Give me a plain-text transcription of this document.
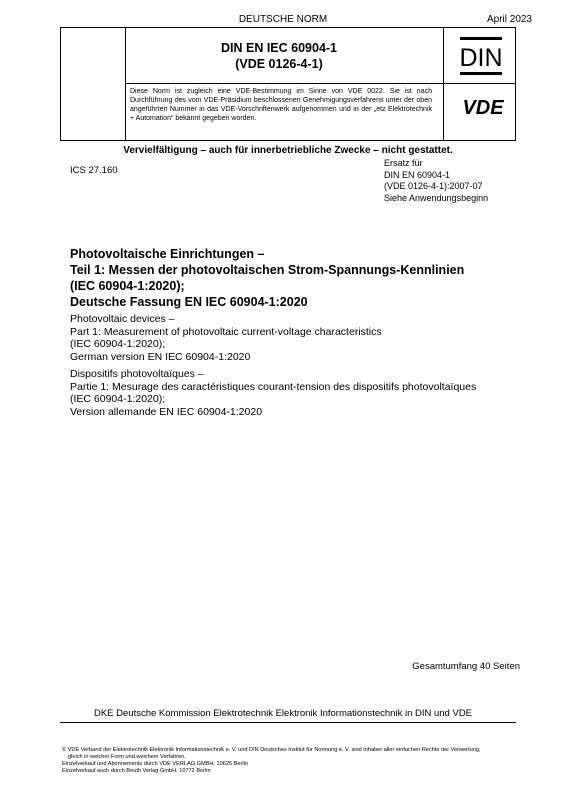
DEUTSCHE NORM	April 2023
DIN EN IEC 60904-1
(VDE 0126-4-1)
Diese Norm ist zugleich eine VDE-Bestimmung im Sinne von VDE 0022. Sie ist nach Durchführung des vom VDE-Präsidium beschlossenen Genehmigungsverfahrens unter der oben angeführten Nummer in das VDE-Vorschriftenwerk aufgenommen und in der „etz Elektrotechnik + Automation“ bekannt gegeben worden.
DIN
VDE
Vervielfältigung – auch für innerbetriebliche Zwecke – nicht gestattet.
ICS 27.160
Ersatz für
DIN EN 60904-1
(VDE 0126-4-1):2007-07
Siehe Anwendungsbeginn
Photovoltaische Einrichtungen –
Teil 1: Messen der photovoltaischen Strom-Spannungs-Kennlinien
(IEC 60904-1:2020);
Deutsche Fassung EN IEC 60904-1:2020
Photovoltaic devices –
Part 1: Measurement of photovoltaic current-voltage characteristics
(IEC 60904-1:2020);
German version EN IEC 60904-1:2020
Dispositifs photovoltaïques –
Partie 1: Mesurage des caractéristiques courant-tension des dispositifs photovoltaïques
(IEC 60904-1:2020);
Version allemande EN IEC 60904-1:2020
Gesamtumfang 40 Seiten
DKE Deutsche Kommission Elektrotechnik Elektronik Informationstechnik in DIN und VDE
© VDE Verband der Elektrotechnik Elektronik Informationstechnik e. V. und DIN Deutsches Institut für Normung e. V. sind Inhaber aller einfachen Rechte der Verwertung,
gleich in welcher Form und welchem Verfahren.
Einzelverkauf und Abonnements durch VDE VERLAG GMBH, 10625 Berlin
Einzelverkauf auch durch Beuth Verlag GmbH, 10772 Berlin
